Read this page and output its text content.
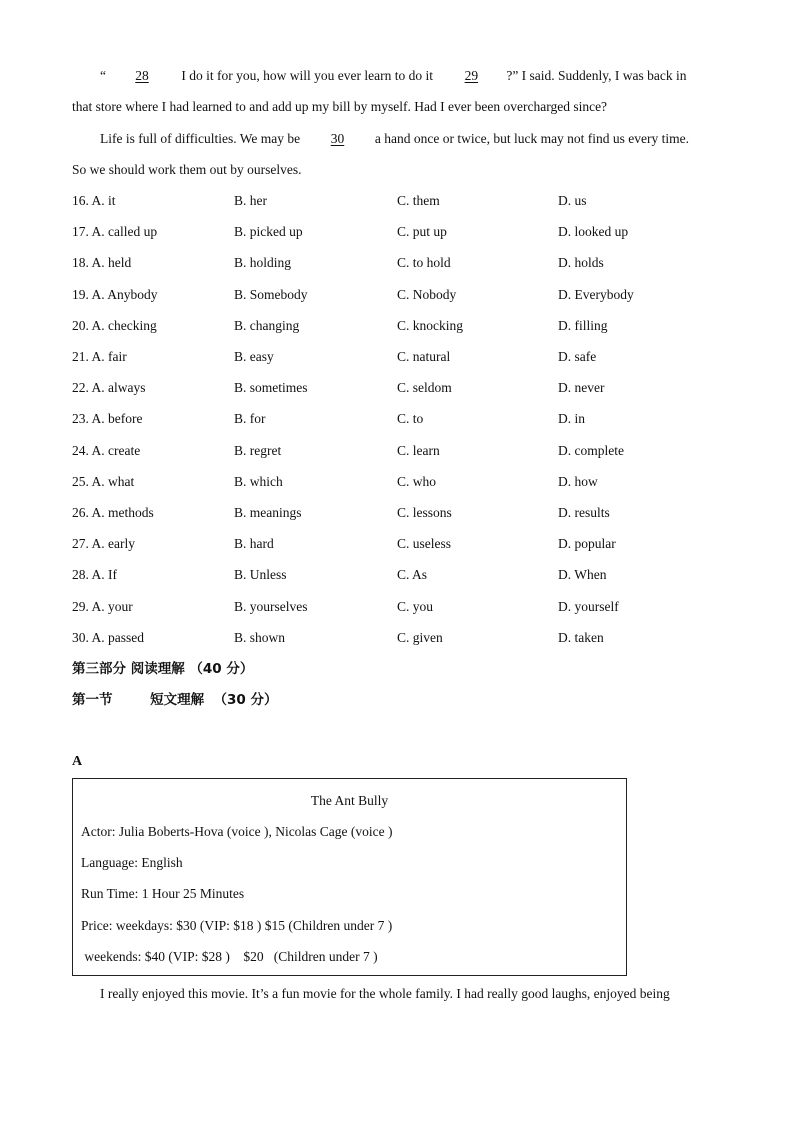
“ 28 I do it for you, how will you ever learn to do it 29 ?” I said. Suddenly, I was back in
that store where I had learned to and add up my bill by myself. Had I ever been overcharged since?
Life is full of difficulties. We may be 30 a hand once or twice, but luck may not find us every time.
So we should work them out by ourselves.
16. A. it	B. her	C. them	D. us
17. A. called up	B. picked up	C. put up	D. looked up
18. A. held	B. holding	C. to hold	D. holds
19. A. Anybody	B. Somebody	C. Nobody	D. Everybody
20. A. checking	B. changing	C. knocking	D. filling
21. A. fair	B. easy	C. natural	D. safe
22. A. always	B. sometimes	C. seldom	D. never
23. A. before	B. for	C. to	D. in
24. A. create	B. regret	C. learn	D. complete
25. A. what	B. which	C. who	D. how
26. A. methods	B. meanings	C. lessons	D. results
27. A. early	B. hard	C. useless	D. popular
28. A. If	B. Unless	C. As	D. When
29. A. your	B. yourselves	C. you	D. yourself
30. A. passed	B. shown	C. given	D. taken
第三部分 阅读理解 （40 分）
第一节        短文理解  （30 分）
A
The Ant Bully
Actor: Julia Boberts-Hova (voice ), Nicolas Cage (voice )
Language: English
Run Time: 1 Hour 25 Minutes
Price: weekdays: $30 (VIP: $18 ) $15 (Children under 7 )
weekends: $40 (VIP: $28 )    $20   (Children under 7 )
I really enjoyed this movie. It’s a fun movie for the whole family. I had really good laughs, enjoyed being
